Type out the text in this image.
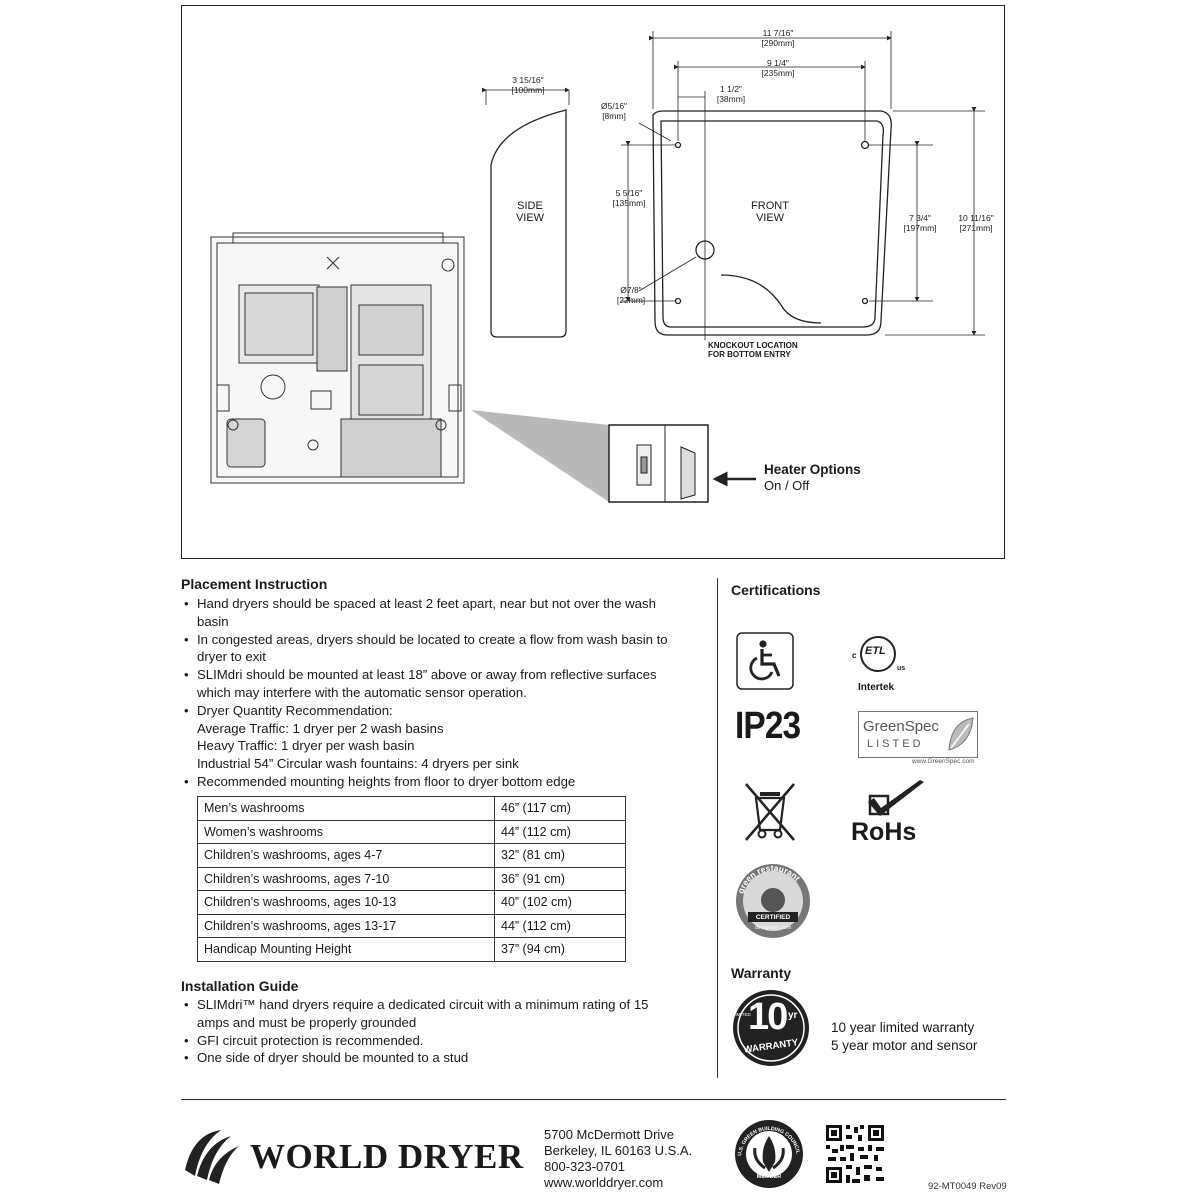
11 7/16"
[290mm]
9 1/4"
[235mm]
1 1/2"
[38mm]
3 15/16"
[100mm]
Ø5/16"
[8mm]
5 5/16"
[135mm]
Ø7/8"
[22mm]
7 3/4"
[197mm]
10 11/16"
[271mm]
SIDE
VIEW
FRONT
VIEW
KNOCKOUT LOCATION
FOR BOTTOM ENTRY
Heater Options
On / Off
Placement Instruction
• Hand dryers should be spaced at least 2 feet apart, near but not over the wash
basin
• In congested areas, dryers should be located to create a flow from wash basin to
dryer to exit
• SLIMdri should be mounted at least 18” above or away from reflective surfaces
which may interfere with the automatic sensor operation.
• Dryer Quantity Recommendation:
Average Traffic: 1 dryer per 2 wash basins
Heavy Traffic: 1 dryer per wash basin
Industrial 54” Circular wash fountains: 4 dryers per sink
• Recommended mounting heights from floor to dryer bottom edge
Men’s washrooms	46” (117 cm)
Women’s washrooms	44” (112 cm)
Children’s washrooms, ages 4-7	32” (81 cm)
Children’s washrooms, ages 7-10	36” (91 cm)
Children’s washrooms, ages 10-13	40” (102 cm)
Children’s washrooms, ages 13-17	44” (112 cm)
Handicap Mounting Height	37” (94 cm)
Installation Guide
• SLIMdri™ hand dryers require a dedicated circuit with a minimum rating of 15
amps and must be properly grounded
• GFI circuit protection is recommended.
• One side of dryer should be mounted to a stud
Certifications
ETL
c
us
Intertek
IP23	GreenSpec
LISTED
www.GreenSpec.com
RoHs
green restaurant
CERTIFIED
dinegreen.com
Warranty
10 yr
LIMITED
WARRANTY
10 year limited warranty
5 year motor and sensor
WORLD DRYER
5700 McDermott Drive
Berkeley, IL 60163 U.S.A.
800-323-0701
www.worlddryer.com
U.S. GREEN BUILDING COUNCIL
MEMBER
92-MT0049 Rev09
